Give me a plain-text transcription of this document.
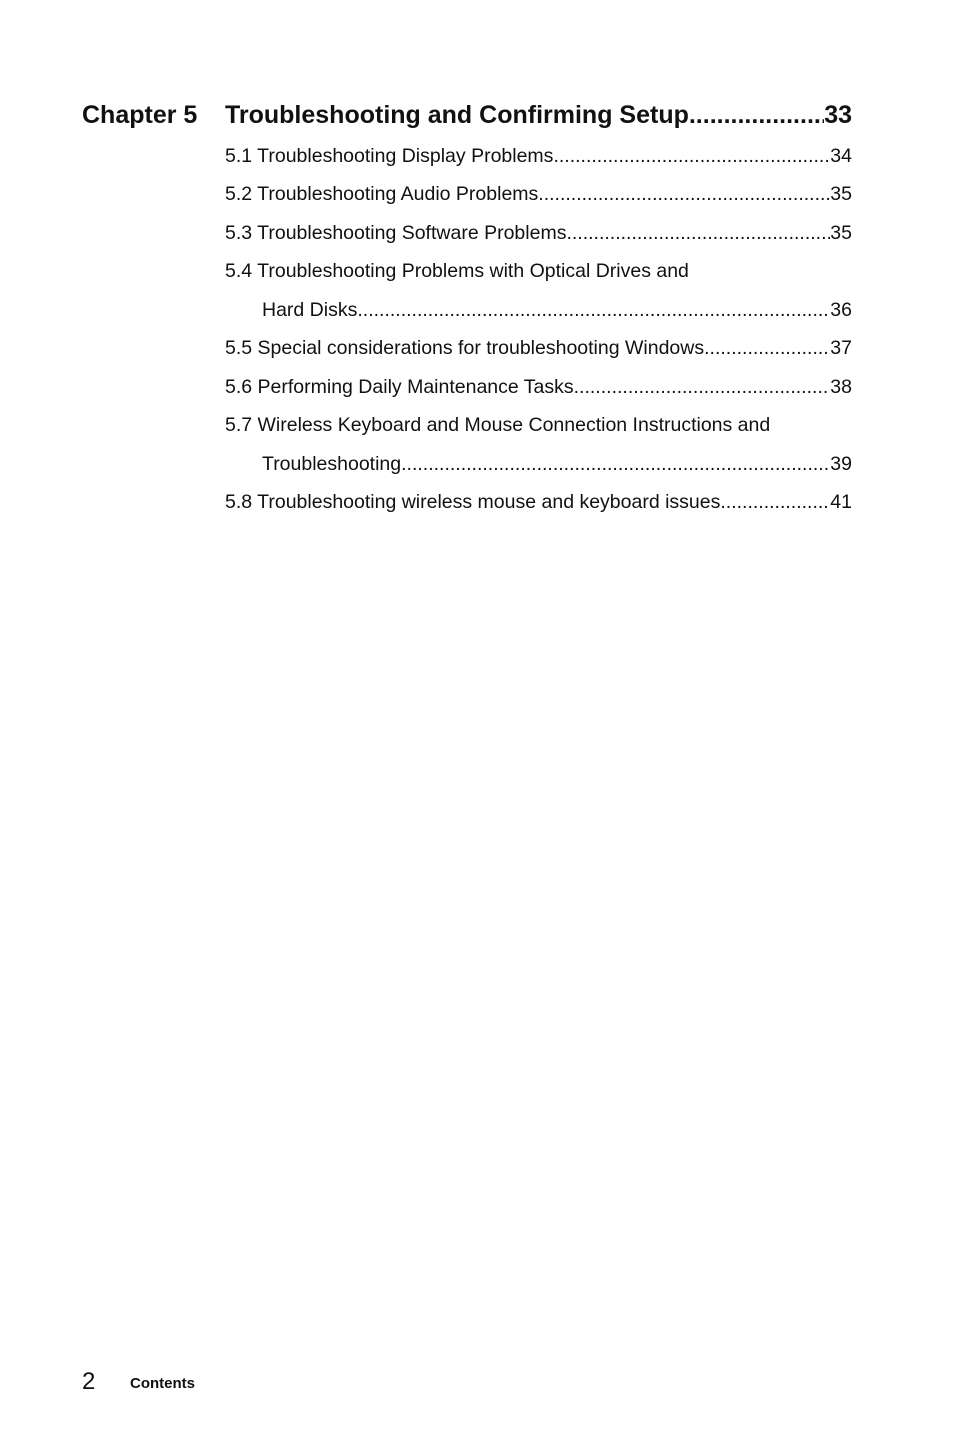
Chapter 5	Troubleshooting and Confirming Setup .....	33
5.1 Troubleshooting Display Problems .....	34
5.2 Troubleshooting Audio Problems .....	35
5.3 Troubleshooting Software Problems .....	35
5.4 Troubleshooting Problems with Optical Drives and
Hard Disks .....	36
5.5 Special considerations for troubleshooting Windows .....	37
5.6 Performing Daily Maintenance Tasks .....	38
5.7 Wireless Keyboard and Mouse Connection Instructions and
Troubleshooting .....	39
5.8 Troubleshooting wireless mouse and keyboard issues .....	41
2 Contents
